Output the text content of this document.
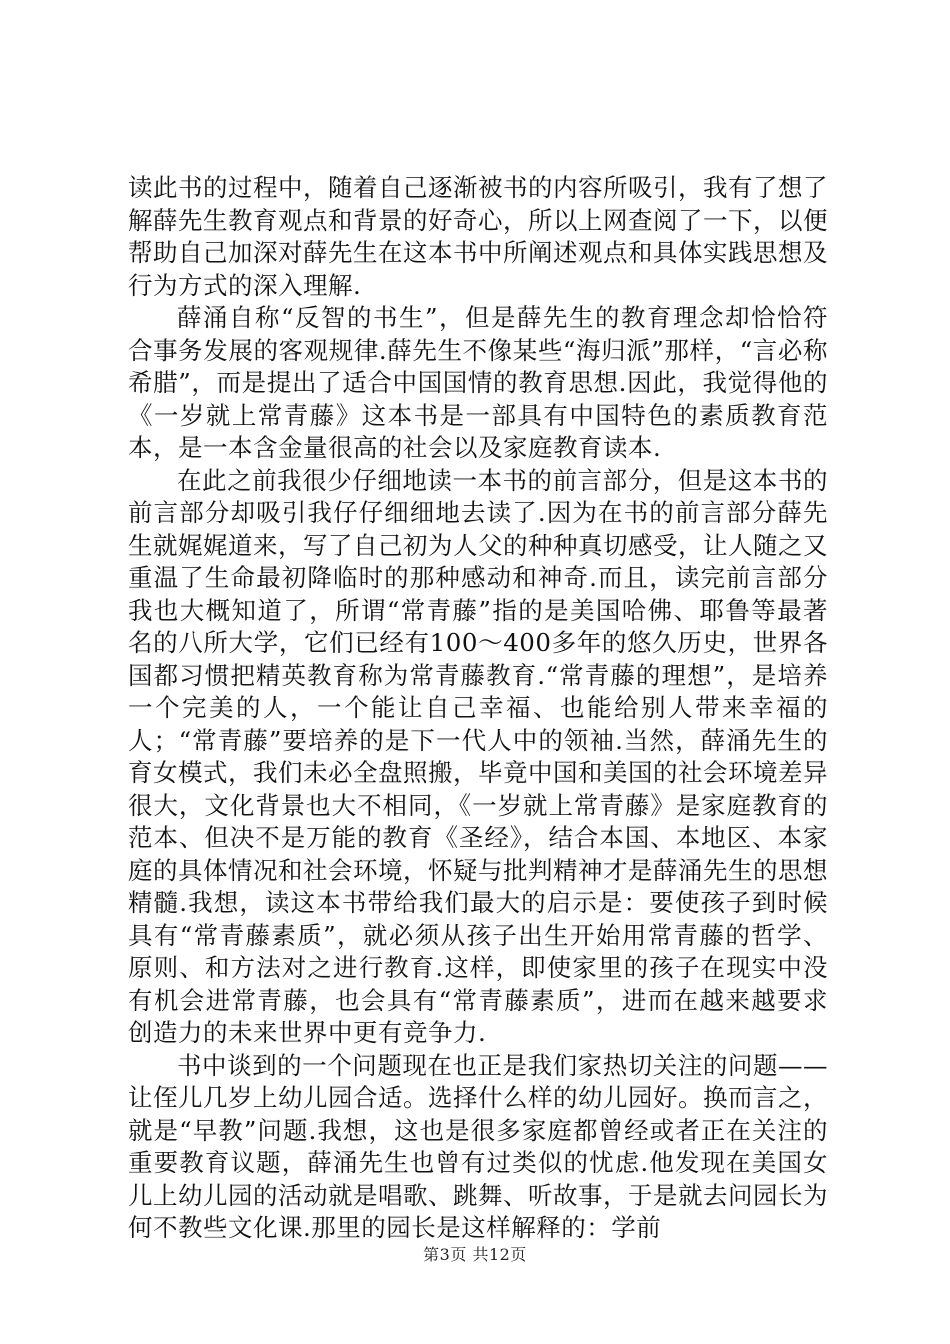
读此书的过程中，随着自己逐渐被书的内容所吸引，我有了想了解薛先生教育观点和背景的好奇心，所以上网查阅了一下，以便帮助自己加深对薛先生在这本书中所阐述观点和具体实践思想及行为方式的深入理解.

薛涌自称“反智的书生”，但是薛先生的教育理念却恰恰符合事务发展的客观规律.薛先生不像某些“海归派”那样，“言必称希腊”，而是提出了适合中国国情的教育思想.因此，我觉得他的《一岁就上常青藤》这本书是一部具有中国特色的素质教育范本，是一本含金量很高的社会以及家庭教育读本.

在此之前我很少仔细地读一本书的前言部分，但是这本书的前言部分却吸引我仔仔细细地去读了.因为在书的前言部分薛先生就娓娓道来，写了自己初为人父的种种真切感受，让人随之又重温了生命最初降临时的那种感动和神奇.而且，读完前言部分我也大概知道了，所谓“常青藤”指的是美国哈佛、耶鲁等最著名的八所大学，它们已经有100～400多年的悠久历史，世界各国都习惯把精英教育称为常青藤教育.“常青藤的理想”，是培养一个完美的人，一个能让自己幸福、也能给别人带来幸福的人；“常青藤”要培养的是下一代人中的领袖.当然，薛涌先生的育女模式，我们未必全盘照搬，毕竟中国和美国的社会环境差异很大，文化背景也大不相同，《一岁就上常青藤》是家庭教育的范本、但决不是万能的教育《圣经》，结合本国、本地区、本家庭的具体情况和社会环境，怀疑与批判精神才是薛涌先生的思想精髓.我想，读这本书带给我们最大的启示是：要使孩子到时候具有“常青藤素质”，就必须从孩子出生开始用常青藤的哲学、原则、和方法对之进行教育.这样，即使家里的孩子在现实中没有机会进常青藤，也会具有“常青藤素质”，进而在越来越要求创造力的未来世界中更有竞争力.

书中谈到的一个问题现在也正是我们家热切关注的问题——让侄儿几岁上幼儿园合适。选择什么样的幼儿园好。换而言之，就是“早教”问题.我想，这也是很多家庭都曾经或者正在关注的重要教育议题，薛涌先生也曾有过类似的忧虑.他发现在美国女儿上幼儿园的活动就是唱歌、跳舞、听故事，于是就去问园长为何不教些文化课.那里的园长是这样解释的：学前

第3页 共12页
